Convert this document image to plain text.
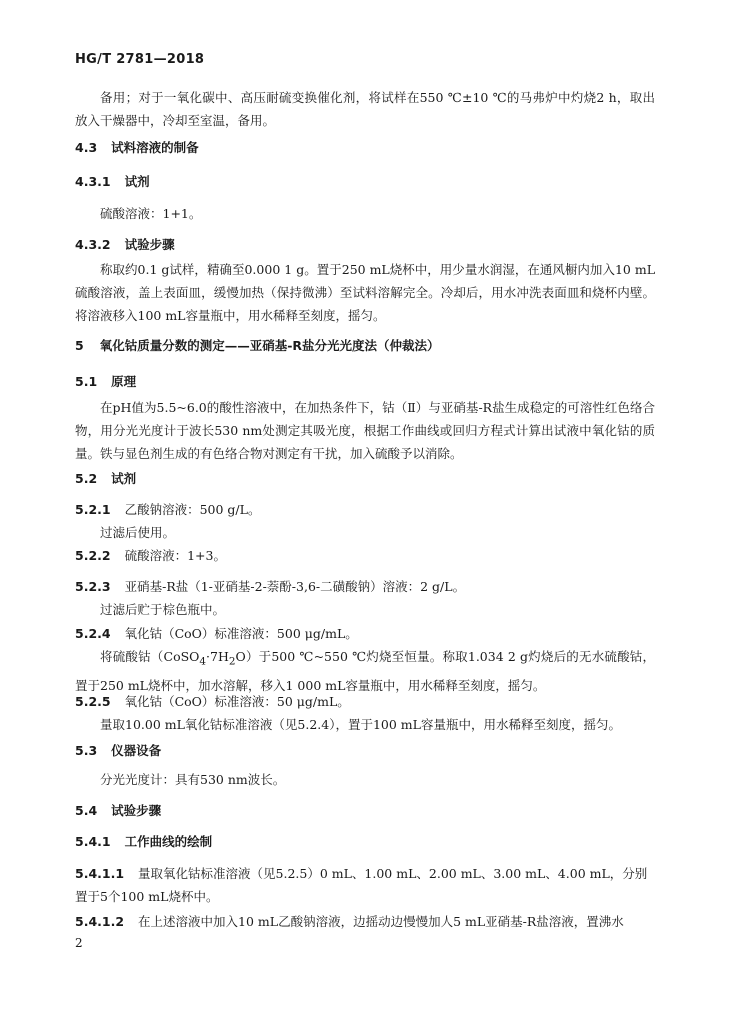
HG/T 2781—2018
备用；对于一氧化碳中、高压耐硫变换催化剂，将试样在550 ℃±10 ℃的马弗炉中灼烧2 h，取出放入干燥器中，冷却至室温，备用。
4.3 试料溶液的制备
4.3.1 试剂
硫酸溶液：1+1。
4.3.2 试验步骤
称取约0.1 g试样，精确至0.000 1 g。置于250 mL烧杯中，用少量水润湿，在通风橱内加入10 mL硫酸溶液，盖上表面皿，缓慢加热（保持微沸）至试料溶解完全。冷却后，用水冲洗表面皿和烧杯内壁。将溶液移入100 mL容量瓶中，用水稀释至刻度，摇匀。
5 氧化钴质量分数的测定——亚硝基-R盐分光光度法（仲裁法）
5.1 原理
在pH值为5.5~6.0的酸性溶液中，在加热条件下，钴（Ⅱ）与亚硝基-R盐生成稳定的可溶性红色络合物，用分光光度计于波长530 nm处测定其吸光度，根据工作曲线或回归方程式计算出试液中氧化钴的质量。铁与显色剂生成的有色络合物对测定有干扰，加入硫酸予以消除。
5.2 试剂
5.2.1 乙酸钠溶液：500 g/L。
过滤后使用。
5.2.2 硫酸溶液：1+3。
5.2.3 亚硝基-R盐（1-亚硝基-2-萘酚-3,6-二磺酸钠）溶液：2 g/L。
过滤后贮于棕色瓶中。
5.2.4 氧化钴（CoO）标准溶液：500 μg/mL。
将硫酸钴$(CoSO_4\cdot 7H_2O)$于500 ℃~550 ℃灼烧至恒量。称取1.034 2 g灼烧后的无水硫酸钴，置于250 mL烧杯中，加水溶解，移入1 000 mL容量瓶中，用水稀释至刻度，摇匀。
5.2.5 氧化钴（CoO）标准溶液：50 μg/mL。
量取10.00 mL氧化钴标准溶液（见5.2.4），置于100 mL容量瓶中，用水稀释至刻度，摇匀。
5.3 仪器设备
分光光度计：具有530 nm波长。
5.4 试验步骤
5.4.1 工作曲线的绘制
5.4.1.1 量取氧化钴标准溶液（见5.2.5）0 mL、1.00 mL、2.00 mL、3.00 mL、4.00 mL，分别置于5个100 mL烧杯中。
5.4.1.2 在上述溶液中加入10 mL乙酸钠溶液，边摇动边慢慢加人5 mL亚硝基-R盐溶液，置沸水
2
